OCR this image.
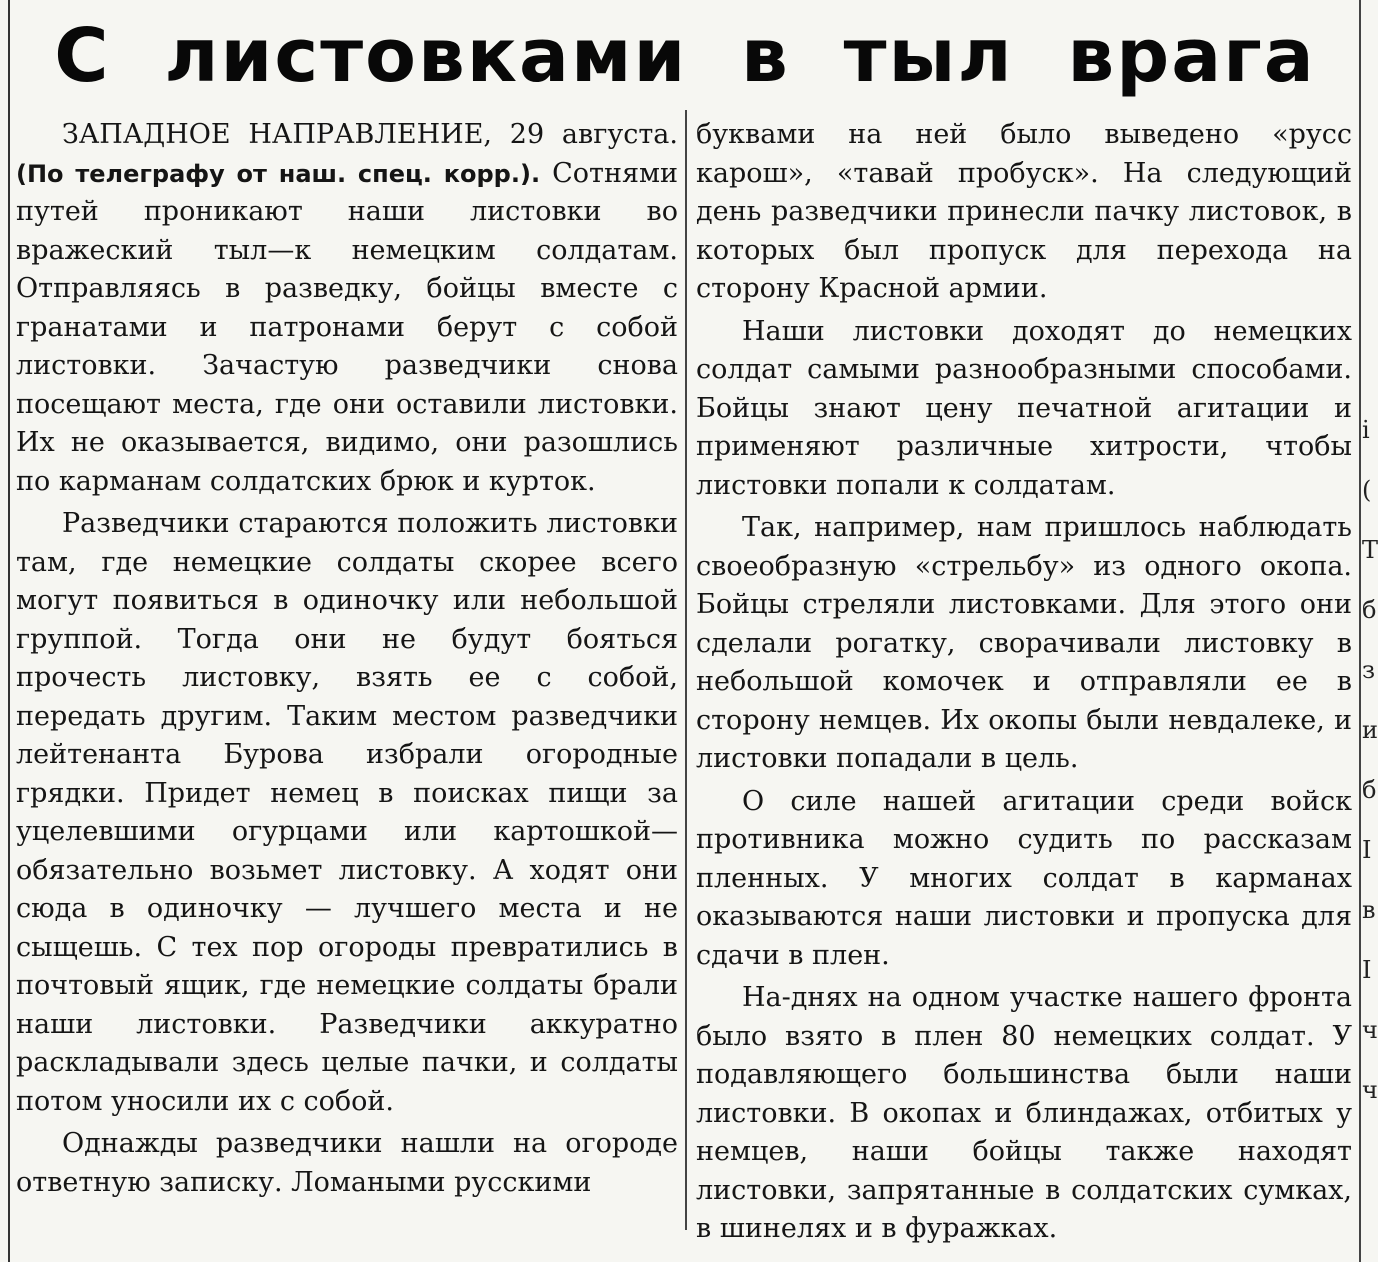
С листовками в тыл врага

ЗАПАДНОЕ НАПРАВЛЕНИЕ, 29 августа. (По телеграфу от наш. спец. корр.). Сотнями путей проникают наши листовки во вражеский тыл—к немецким солдатам. Отправляясь в разведку, бойцы вместе с гранатами и патронами берут с собой листовки. Зачастую разведчики снова посещают места, где они оставили листовки. Их не оказывается, видимо, они разошлись по карманам солдатских брюк и курток.

Разведчики стараются положить листовки там, где немецкие солдаты скорее всего могут появиться в одиночку или небольшой группой. Тогда они не будут бояться прочесть листовку, взять ее с собой, передать другим. Таким местом разведчики лейтенанта Бурова избрали огородные грядки. Придет немец в поисках пищи за уцелевшими огурцами или картошкой— обязательно возьмет листовку. А ходят они сюда в одиночку — лучшего места и не сыщешь. С тех пор огороды превратились в почтовый ящик, где немецкие солдаты брали наши листовки. Разведчики аккуратно раскладывали здесь целые пачки, и солдаты потом уносили их с собой.

Однажды разведчики нашли на огороде ответную записку. Ломаными русскими

буквами на ней было выведено «русс карош», «тавай пробуск». На следующий день разведчики принесли пачку листовок, в которых был пропуск для перехода на сторону Красной армии.

Наши листовки доходят до немецких солдат самыми разнообразными способами. Бойцы знают цену печатной агитации и применяют различные хитрости, чтобы листовки попали к солдатам.

Так, например, нам пришлось наблюдать своеобразную «стрельбу» из одного окопа. Бойцы стреляли листовками. Для этого они сделали рогатку, сворачивали листовку в небольшой комочек и отправляли ее в сторону немцев. Их окопы были невдалеке, и листовки попадали в цель.

О силе нашей агитации среди войск противника можно судить по рассказам пленных. У многих солдат в карманах оказываются наши листовки и пропуска для сдачи в плен.

На-днях на одном участке нашего фронта было взято в плен 80 немецких солдат. У подавляющего большинства были наши листовки. В окопах и блиндажах, отбитых у немцев, наши бойцы также находят листовки, запрятанные в солдатских сумках, в шинелях и в фуражках.

і
(
Т
б
з
и
б
І
в
І
ч
ч
